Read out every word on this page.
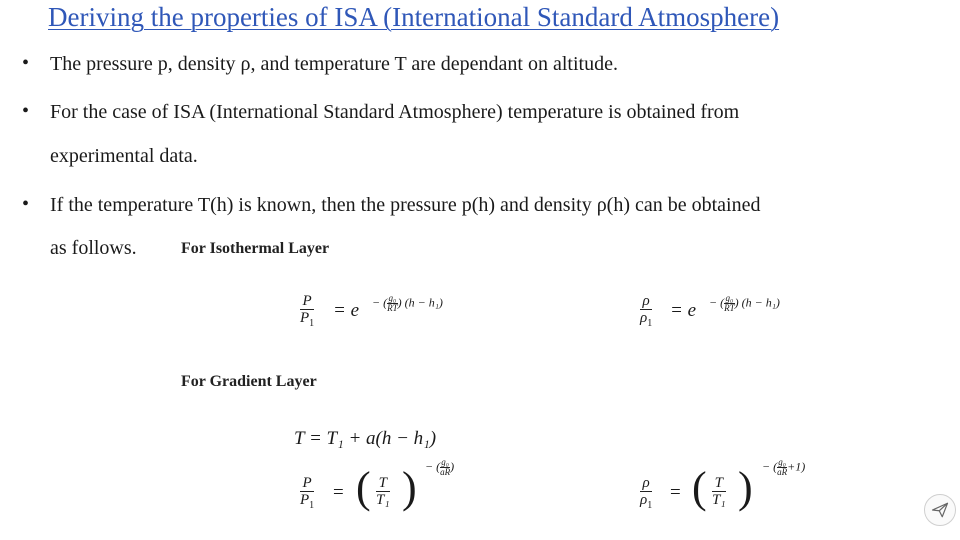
Deriving the properties of ISA (International Standard Atmosphere)
• The pressure p, density ρ, and temperature T are dependant on altitude.
• For the case of ISA (International Standard Atmosphere) temperature is obtained from
experimental data.
• If the temperature T(h) is known, then the pressure p(h) and density ρ(h) can be obtained
as follows.	For Isothermal Layer
$\frac{P}{P_1} = e$ − ( $\frac{\text{g₀}}{RT}$ ) (h − h₁)	$\frac{\rho}{\rho_1} = e$ − ( $\frac{\text{g₀}}{RT}$ ) (h − h₁)
For Gradient Layer
T = T₁ + a(h − h₁)
$\frac{P}{P_1}$ = ( $\frac{T}{\text{T₁}}$ ) − ( $\frac{\text{g₀}}{aR}$ )
$\frac{\rho}{\rho_1}$ = ( $\frac{T}{\text{T₁}}$ ) − ( $\frac{\text{g₀}}{aR} +1$)
